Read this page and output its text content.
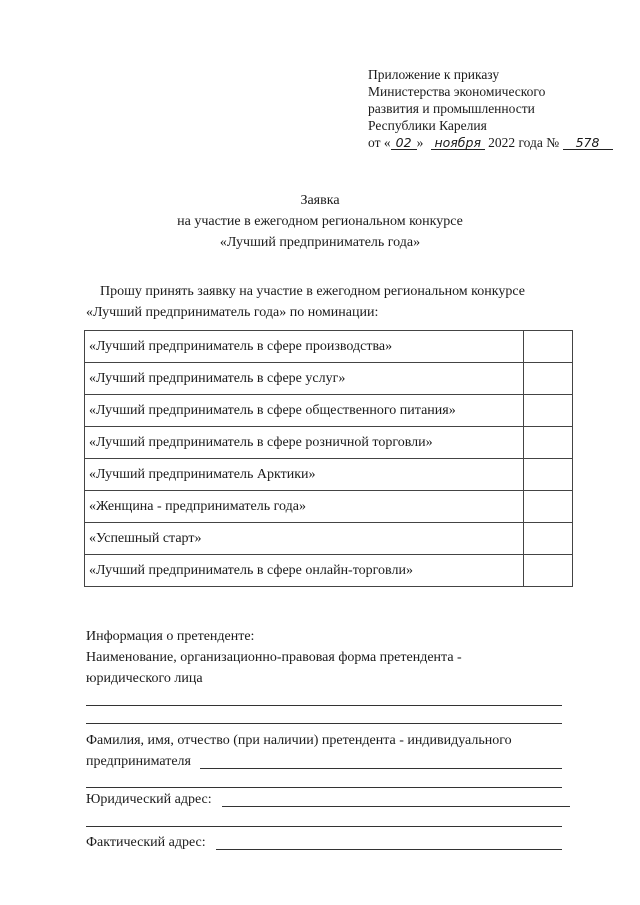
Приложение к приказу
Министерства экономического
развития и промышленности
Республики Карелия
от « 02 » ноября 2022 года № 578
Заявка
на участие в ежегодном региональном конкурсе
«Лучший предприниматель года»
Прошу принять заявку на участие в ежегодном региональном конкурсе
«Лучший предприниматель года» по номинации:
«Лучший предприниматель в сфере производства»	
«Лучший предприниматель в сфере услуг»	
«Лучший предприниматель в сфере общественного питания»	
«Лучший предприниматель в сфере розничной торговли»	
«Лучший предприниматель Арктики»	
«Женщина - предприниматель года»	
«Успешный старт»	
«Лучший предприниматель в сфере онлайн-торговли»	
Информация о претенденте:
Наименование, организационно-правовая форма претендента -
юридического лица
Фамилия, имя, отчество (при наличии) претендента - индивидуального
предпринимателя
Юридический адрес:
Фактический адрес:
